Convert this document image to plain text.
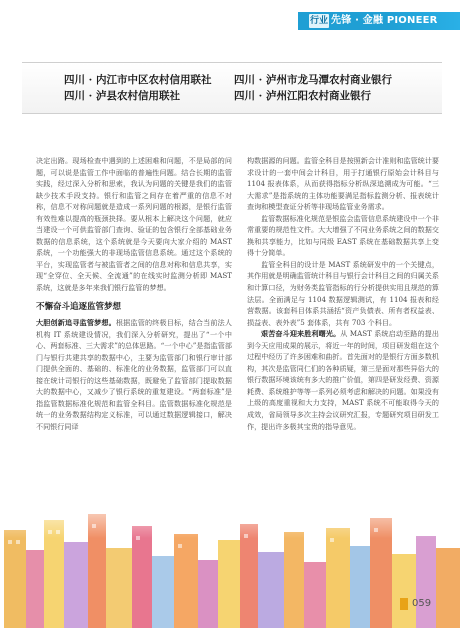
行业 先锋 · 金融 PIONEER
四川 · 内江市中区农村信用联社 四川 · 泸州市龙马潭农村商业银行
四川 · 泸县农村信用联社	四川 · 泸州江阳农村商业银行

决定出路。现场检查中遇到的上述困难和问题，不是局部的问题，可以说是监管工作中面临的普遍性问题。结合长期的监管实践，经过深入分析和思索，我认为问题的关键是我们的监管缺少技术手段支持。银行和监管之间存在着严重的信息不对称，信息不对称问题就是造成一系列问题的根源，是银行监管有效性难以提高的瓶颈抉择。要从根本上解决这个问题，就应当建设一个可供监管部门查询、验证的包含银行全部基础业务数据的信息系统，这个系统就是今天要向大家介绍的 MAST 系统，一个功能强大的非现场监管信息系统。通过这个系统的平台，实现监管者与被监管者之间的信息对称和信息共享，实现“全穿位、全天候、全流通”的在线实时监测分析即 MAST 系统，这就是多年来我们银行监管的梦想。

不懈奋斗追逐监管梦想

大胆创新追寻监管梦想。根据监管的终极目标，结合当前法人机构 IT 系统建设情况，我们深入分析研究，提出了“一个中心、两套标准、三大需求”的总体思路。“一个中心”是指监管部门与银行共建共享的数据中心，主要为监管部门和银行审计部门提供全面的、基础的、标准化的业务数据，监管部门可以直接在统计司银行的这些基础数据，既避免了监管部门提取数据大的数据中心，又减少了银行系统的重复建设。“两套标准”是指监管数据标准化规范和监管全科目。监管数据标准化规范是统一的业务数据结构定义标准，可以通过数据逻辑接口，解决不同银行同译

构数据源的问题。监管全科目是按照新会计准则和监管统计要求设计的一套中间会计科目，用于打通银行原始会计科目与 1104 报表体系，从而获得指标分析纵深追溯成为可能。“三大需求”是指系统的主体功能要满足指标监测分析、报表统计查询和模型查证分析等非现场监管业务需求。

监管数据标准化规范是银监会监管信息系统建设中一个非常重要的规范性文件。大大增强了不同业务系统之间的数据交换和共享能力，比如与同级 EAST 系统在基础数据共享上变得十分简单。

监管全科目的设计是 MAST 系统研发中的一个关键点，其作用就是明确监管统计科目与银行会计科目之间的归属关系和计算口径，为财务类监管指标的行分析提供实用且规范的算法层。全面满足与 1104 数据逻辑测试，有 1104 报表和经营数据。该套科目体系共涵括“资产负债表、所有者权益表、损益表、表外表”5 套体系，共有 703 个科目。

艰苦奋斗迎来胜利曙光。从 MAST 系统启动至路的提出到今天应用成果的展示，将近一年的时间，项目研发组在这个过程中经历了许多困难和曲折。首先面对的是银行方面多数机构，其次是监管同仁们的各种质疑，第三是面对那些异俗大的银行数据环境该统有多大的推广价值，第四是研发经费、资源耗费、系统维护等等一系列必须考虑和解决的问题。如果没有上级的高度重视和大力支持，MAST 系统不可能取得今天的成效，省局领导多次主持会议研究汇报，专题研究项目研发工作，提出许多极其宝贵的指导意见。

059
